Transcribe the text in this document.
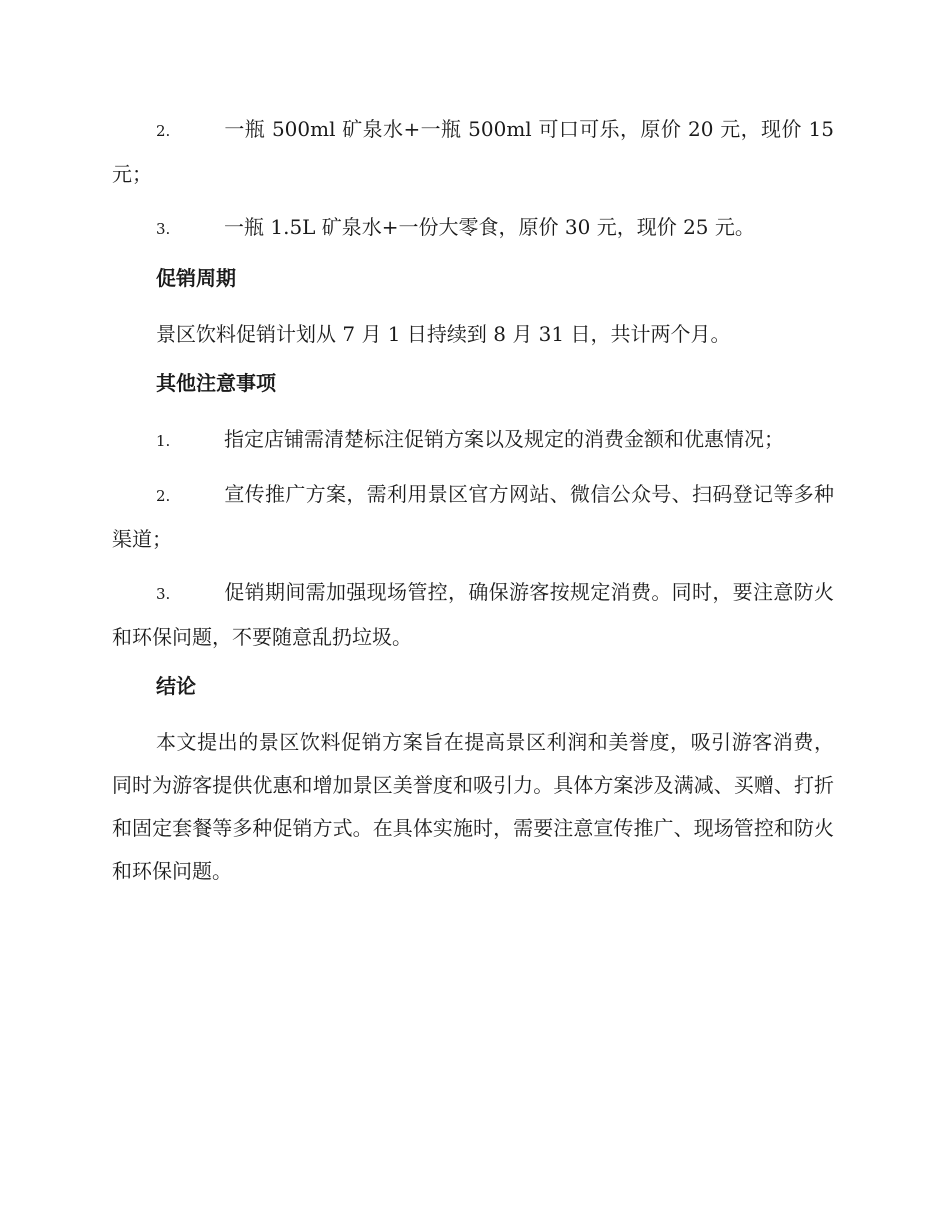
2.	一瓶 500ml 矿泉水+一瓶 500ml 可口可乐，原价 20 元，现价 15 元；
3.	一瓶 1.5L 矿泉水+一份大零食，原价 30 元，现价 25 元。
促销周期
景区饮料促销计划从 7 月 1 日持续到 8 月 31 日，共计两个月。
其他注意事项
1.	指定店铺需清楚标注促销方案以及规定的消费金额和优惠情况；
2.	宣传推广方案，需利用景区官方网站、微信公众号、扫码登记等多种渠道；
3.	促销期间需加强现场管控，确保游客按规定消费。同时，要注意防火和环保问题，不要随意乱扔垃圾。
结论
本文提出的景区饮料促销方案旨在提高景区利润和美誉度，吸引游客消费，同时为游客提供优惠和增加景区美誉度和吸引力。具体方案涉及满减、买赠、打折和固定套餐等多种促销方式。在具体实施时，需要注意宣传推广、现场管控和防火和环保问题。
